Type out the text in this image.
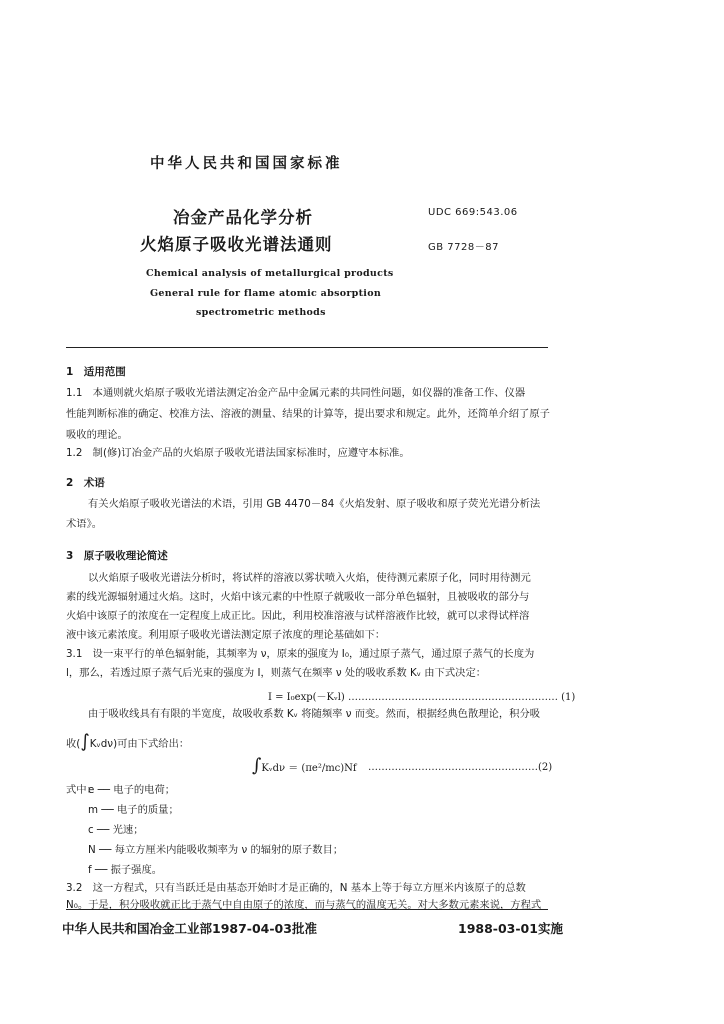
中华人民共和国国家标准
冶金产品化学分析
火焰原子吸收光谱法通则
UDC 669:543.06
GB 7728－87
Chemical analysis of metallurgical products
General rule for flame atomic absorption
spectrometric methods
1　适用范围
1.1　本通则就火焰原子吸收光谱法测定冶金产品中金属元素的共同性问题，如仪器的准备工作、仪器
性能判断标准的确定、校准方法、溶液的测量、结果的计算等，提出要求和规定。此外，还简单介绍了原子
吸收的理论。
1.2　制(修)订冶金产品的火焰原子吸收光谱法国家标准时，应遵守本标准。
2　术语
有关火焰原子吸收光谱法的术语，引用 GB 4470－84《火焰发射、原子吸收和原子荧光光谱分析法
术语》。
3　原子吸收理论简述
以火焰原子吸收光谱法分析时，将试样的溶液以雾状喷入火焰，使待测元素原子化，同时用待测元
素的线光源辐射通过火焰。这时，火焰中该元素的中性原子就吸收一部分单色辐射，且被吸收的部分与
火焰中该原子的浓度在一定程度上成正比。因此，利用校准溶液与试样溶液作比较，就可以求得试样溶
液中该元素浓度。利用原子吸收光谱法测定原子浓度的理论基础如下：
3.1　设一束平行的单色辐射能，其频率为 ν，原来的强度为 I₀，通过原子蒸气，通过原子蒸气的长度为
l，那么，若透过原子蒸气后光束的强度为 I，则蒸气在频率 ν 处的吸收系数 Kᵥ 由下式决定：
I = I₀exp(－Kᵥl) ……………………………………………………… (1)
由于吸收线具有有限的半宽度，故吸收系数 Kᵥ 将随频率 ν 而变。然而，根据经典色散理论，积分吸
收(∫Kᵥdν)可由下式给出：
∫Kᵥdν ＝ (πe²/mc)Nf ……………………………………………(2)
式中：
e ── 电子的电荷；
m ── 电子的质量；
c ── 光速；
N ── 每立方厘米内能吸收频率为 ν 的辐射的原子数目；
f ── 振子强度。
3.2　这一方程式，只有当跃迁是由基态开始时才是正确的，N 基本上等于每立方厘米内该原子的总数
N₀。于是，积分吸收就正比于蒸气中自由原子的浓度，而与蒸气的温度无关。对大多数元素来说，方程式
中华人民共和国冶金工业部1987-04-03批准	1988-03-01实施
